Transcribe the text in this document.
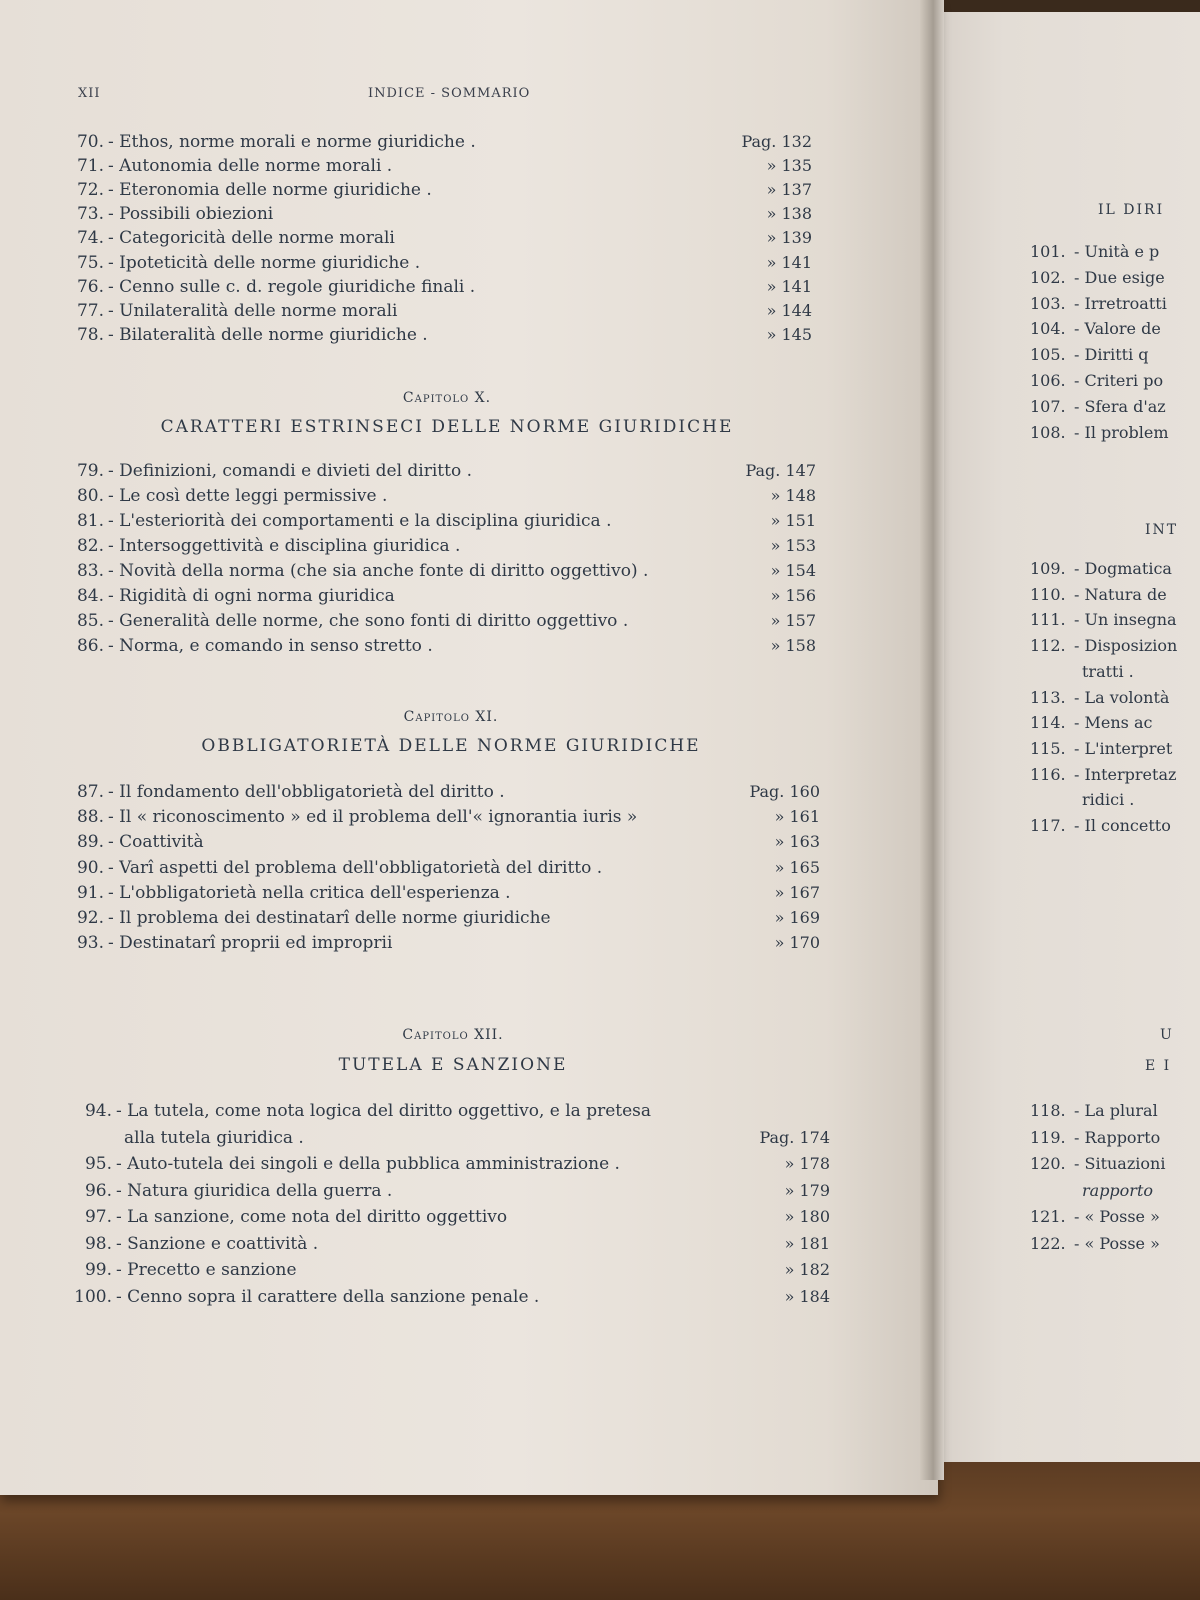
XII	INDICE - SOMMARIO
70. - Ethos, norme morali e norme giuridiche .	Pag. 132
71. - Autonomia delle norme morali .	» 135
72. - Eteronomia delle norme giuridiche .	» 137
73. - Possibili obiezioni	» 138
74. - Categoricità delle norme morali	» 139
75. - Ipoteticità delle norme giuridiche .	» 141
76. - Cenno sulle c. d. regole giuridiche finali .	» 141
77. - Unilateralità delle norme morali	» 144
78. - Bilateralità delle norme giuridiche .	» 145
Capitolo X.
CARATTERI ESTRINSECI DELLE NORME GIURIDICHE
79. - Definizioni, comandi e divieti del diritto .	Pag. 147
80. - Le così dette leggi permissive .	» 148
81. - L'esteriorità dei comportamenti e la disciplina giuridica .	» 151
82. - Intersoggettività e disciplina giuridica .	» 153
83. - Novità della norma (che sia anche fonte di diritto oggettivo) .	» 154
84. - Rigidità di ogni norma giuridica	» 156
85. - Generalità delle norme, che sono fonti di diritto oggettivo .	» 157
86. - Norma, e comando in senso stretto .	» 158
Capitolo XI.
OBBLIGATORIETÀ DELLE NORME GIURIDICHE
87. - Il fondamento dell'obbligatorietà del diritto .	Pag. 160
88. - Il « riconoscimento » ed il problema dell'« ignorantia iuris »	» 161
89. - Coattività	» 163
90. - Varî aspetti del problema dell'obbligatorietà del diritto .	» 165
91. - L'obbligatorietà nella critica dell'esperienza .	» 167
92. - Il problema dei destinatarî delle norme giuridiche	» 169
93. - Destinatarî proprii ed improprii	» 170
Capitolo XII.
TUTELA E SANZIONE
94. - La tutela, come nota logica del diritto oggettivo, e la pretesa
alla tutela giuridica .	Pag. 174
95. - Auto-tutela dei singoli e della pubblica amministrazione .	» 178
96. - Natura giuridica della guerra .	» 179
97. - La sanzione, come nota del diritto oggettivo	» 180
98. - Sanzione e coattività .	» 181
99. - Precetto e sanzione	» 182
100. - Cenno sopra il carattere della sanzione penale .	» 184
IL DIRI
101. - Unità e p
102. - Due esige
103. - Irretroatti
104. - Valore de
105. - Diritti q
106. - Criteri po
107. - Sfera d'az
108. - Il problem
INT
109. - Dogmatica
110. - Natura de
111. - Un insegna
112. - Disposizion
tratti .
113. - La volontà
114. - Mens ac
115. - L'interpret
116. - Interpretaz
ridici .
117. - Il concetto
U
E I
118. - La plural
119. - Rapporto
120. - Situazioni
rapporto
121. - « Posse »
122. - « Posse »
